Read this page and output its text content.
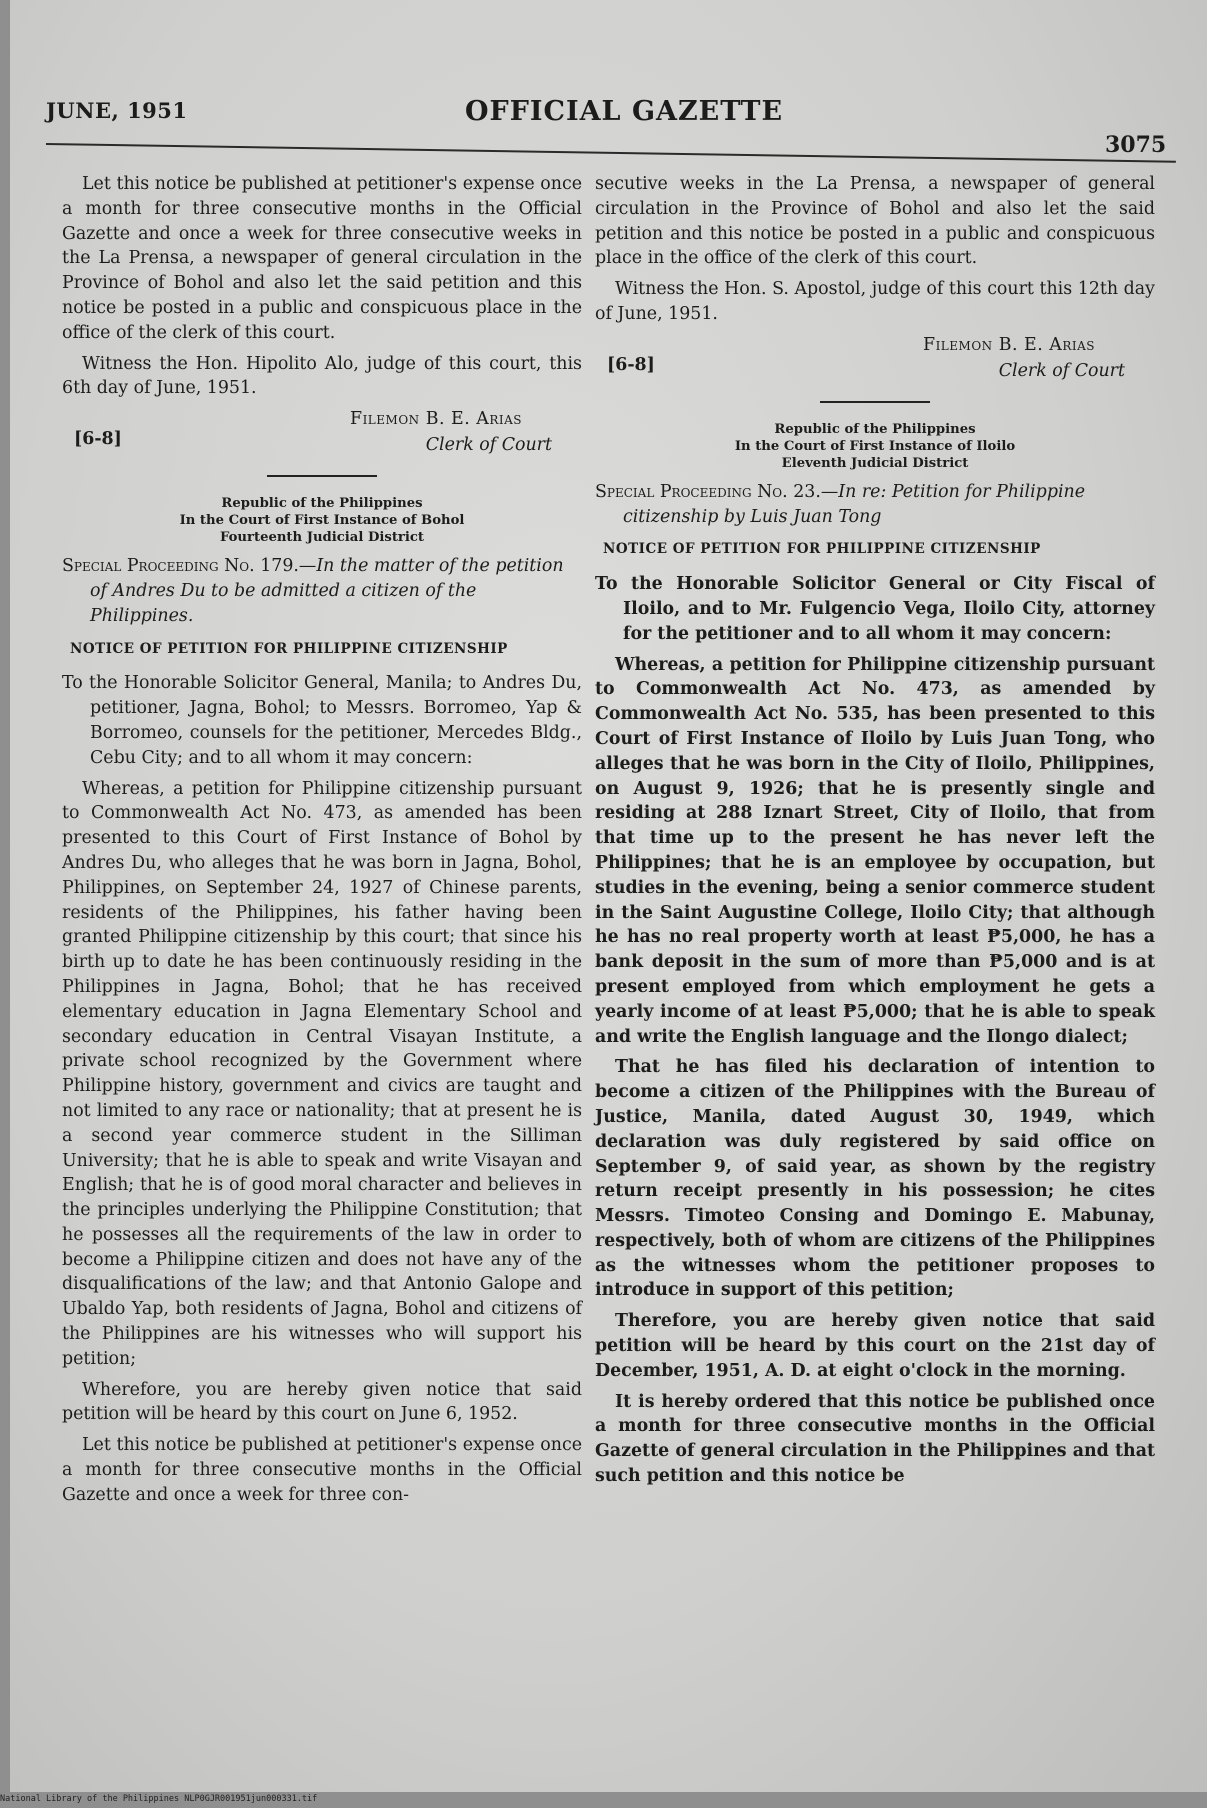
JUNE, 1951	OFFICIAL GAZETTE
3075

Let this notice be published at petitioner's expense once a month for three consecutive months in the Official Gazette and once a week for three consecutive weeks in the La Prensa, a newspaper of general circulation in the Province of Bohol and also let the said petition and this notice be posted in a public and conspicuous place in the office of the clerk of this court.

Witness the Hon. Hipolito Alo, judge of this court, this 6th day of June, 1951.

Filemon B. E. Arias
[6-8]	Clerk of Court
Republic of the Philippines
In the Court of First Instance of Bohol
Fourteenth Judicial District
Special Proceeding No. 179.—In the matter of the petition of Andres Du to be admitted a citizen of the Philippines.
NOTICE OF PETITION FOR PHILIPPINE CITIZENSHIP

To the Honorable Solicitor General, Manila; to Andres Du, petitioner, Jagna, Bohol; to Messrs. Borromeo, Yap & Borromeo, counsels for the petitioner, Mercedes Bldg., Cebu City; and to all whom it may concern:

Whereas, a petition for Philippine citizenship pursuant to Commonwealth Act No. 473, as amended has been presented to this Court of First Instance of Bohol by Andres Du, who alleges that he was born in Jagna, Bohol, Philippines, on September 24, 1927 of Chinese parents, residents of the Philippines, his father having been granted Philippine citizenship by this court; that since his birth up to date he has been continuously residing in the Philippines in Jagna, Bohol; that he has received elementary education in Jagna Elementary School and secondary education in Central Visayan Institute, a private school recognized by the Government where Philippine history, government and civics are taught and not limited to any race or nationality; that at present he is a second year commerce student in the Silliman University; that he is able to speak and write Visayan and English; that he is of good moral character and believes in the principles underlying the Philippine Constitution; that he possesses all the requirements of the law in order to become a Philippine citizen and does not have any of the disqualifications of the law; and that Antonio Galope and Ubaldo Yap, both residents of Jagna, Bohol and citizens of the Philippines are his witnesses who will support his petition;

Wherefore, you are hereby given notice that said petition will be heard by this court on June 6, 1952.

Let this notice be published at petitioner's expense once a month for three consecutive months in the Official Gazette and once a week for three con-

secutive weeks in the La Prensa, a newspaper of general circulation in the Province of Bohol and also let the said petition and this notice be posted in a public and conspicuous place in the office of the clerk of this court.

Witness the Hon. S. Apostol, judge of this court this 12th day of June, 1951.

Filemon B. E. Arias
[6-8]	Clerk of Court
Republic of the Philippines
In the Court of First Instance of Iloilo
Eleventh Judicial District
Special Proceeding No. 23.—In re: Petition for Philippine citizenship by Luis Juan Tong
NOTICE OF PETITION FOR PHILIPPINE CITIZENSHIP

To the Honorable Solicitor General or City Fiscal of Iloilo, and to Mr. Fulgencio Vega, Iloilo City, attorney for the petitioner and to all whom it may concern:

Whereas, a petition for Philippine citizenship pursuant to Commonwealth Act No. 473, as amended by Commonwealth Act No. 535, has been presented to this Court of First Instance of Iloilo by Luis Juan Tong, who alleges that he was born in the City of Iloilo, Philippines, on August 9, 1926; that he is presently single and residing at 288 Iznart Street, City of Iloilo, that from that time up to the present he has never left the Philippines; that he is an employee by occupation, but studies in the evening, being a senior commerce student in the Saint Augustine College, Iloilo City; that although he has no real property worth at least ₱5,000, he has a bank deposit in the sum of more than ₱5,000 and is at present employed from which employment he gets a yearly income of at least ₱5,000; that he is able to speak and write the English language and the Ilongo dialect;

That he has filed his declaration of intention to become a citizen of the Philippines with the Bureau of Justice, Manila, dated August 30, 1949, which declaration was duly registered by said office on September 9, of said year, as shown by the registry return receipt presently in his possession; he cites Messrs. Timoteo Consing and Domingo E. Mabunay, respectively, both of whom are citizens of the Philippines as the witnesses whom the petitioner proposes to introduce in support of this petition;

Therefore, you are hereby given notice that said petition will be heard by this court on the 21st day of December, 1951, A. D. at eight o'clock in the morning.

It is hereby ordered that this notice be published once a month for three consecutive months in the Official Gazette of general circulation in the Philippines and that such petition and this notice be

National Library of the Philippines NLP0GJR001951jun000331.tif
